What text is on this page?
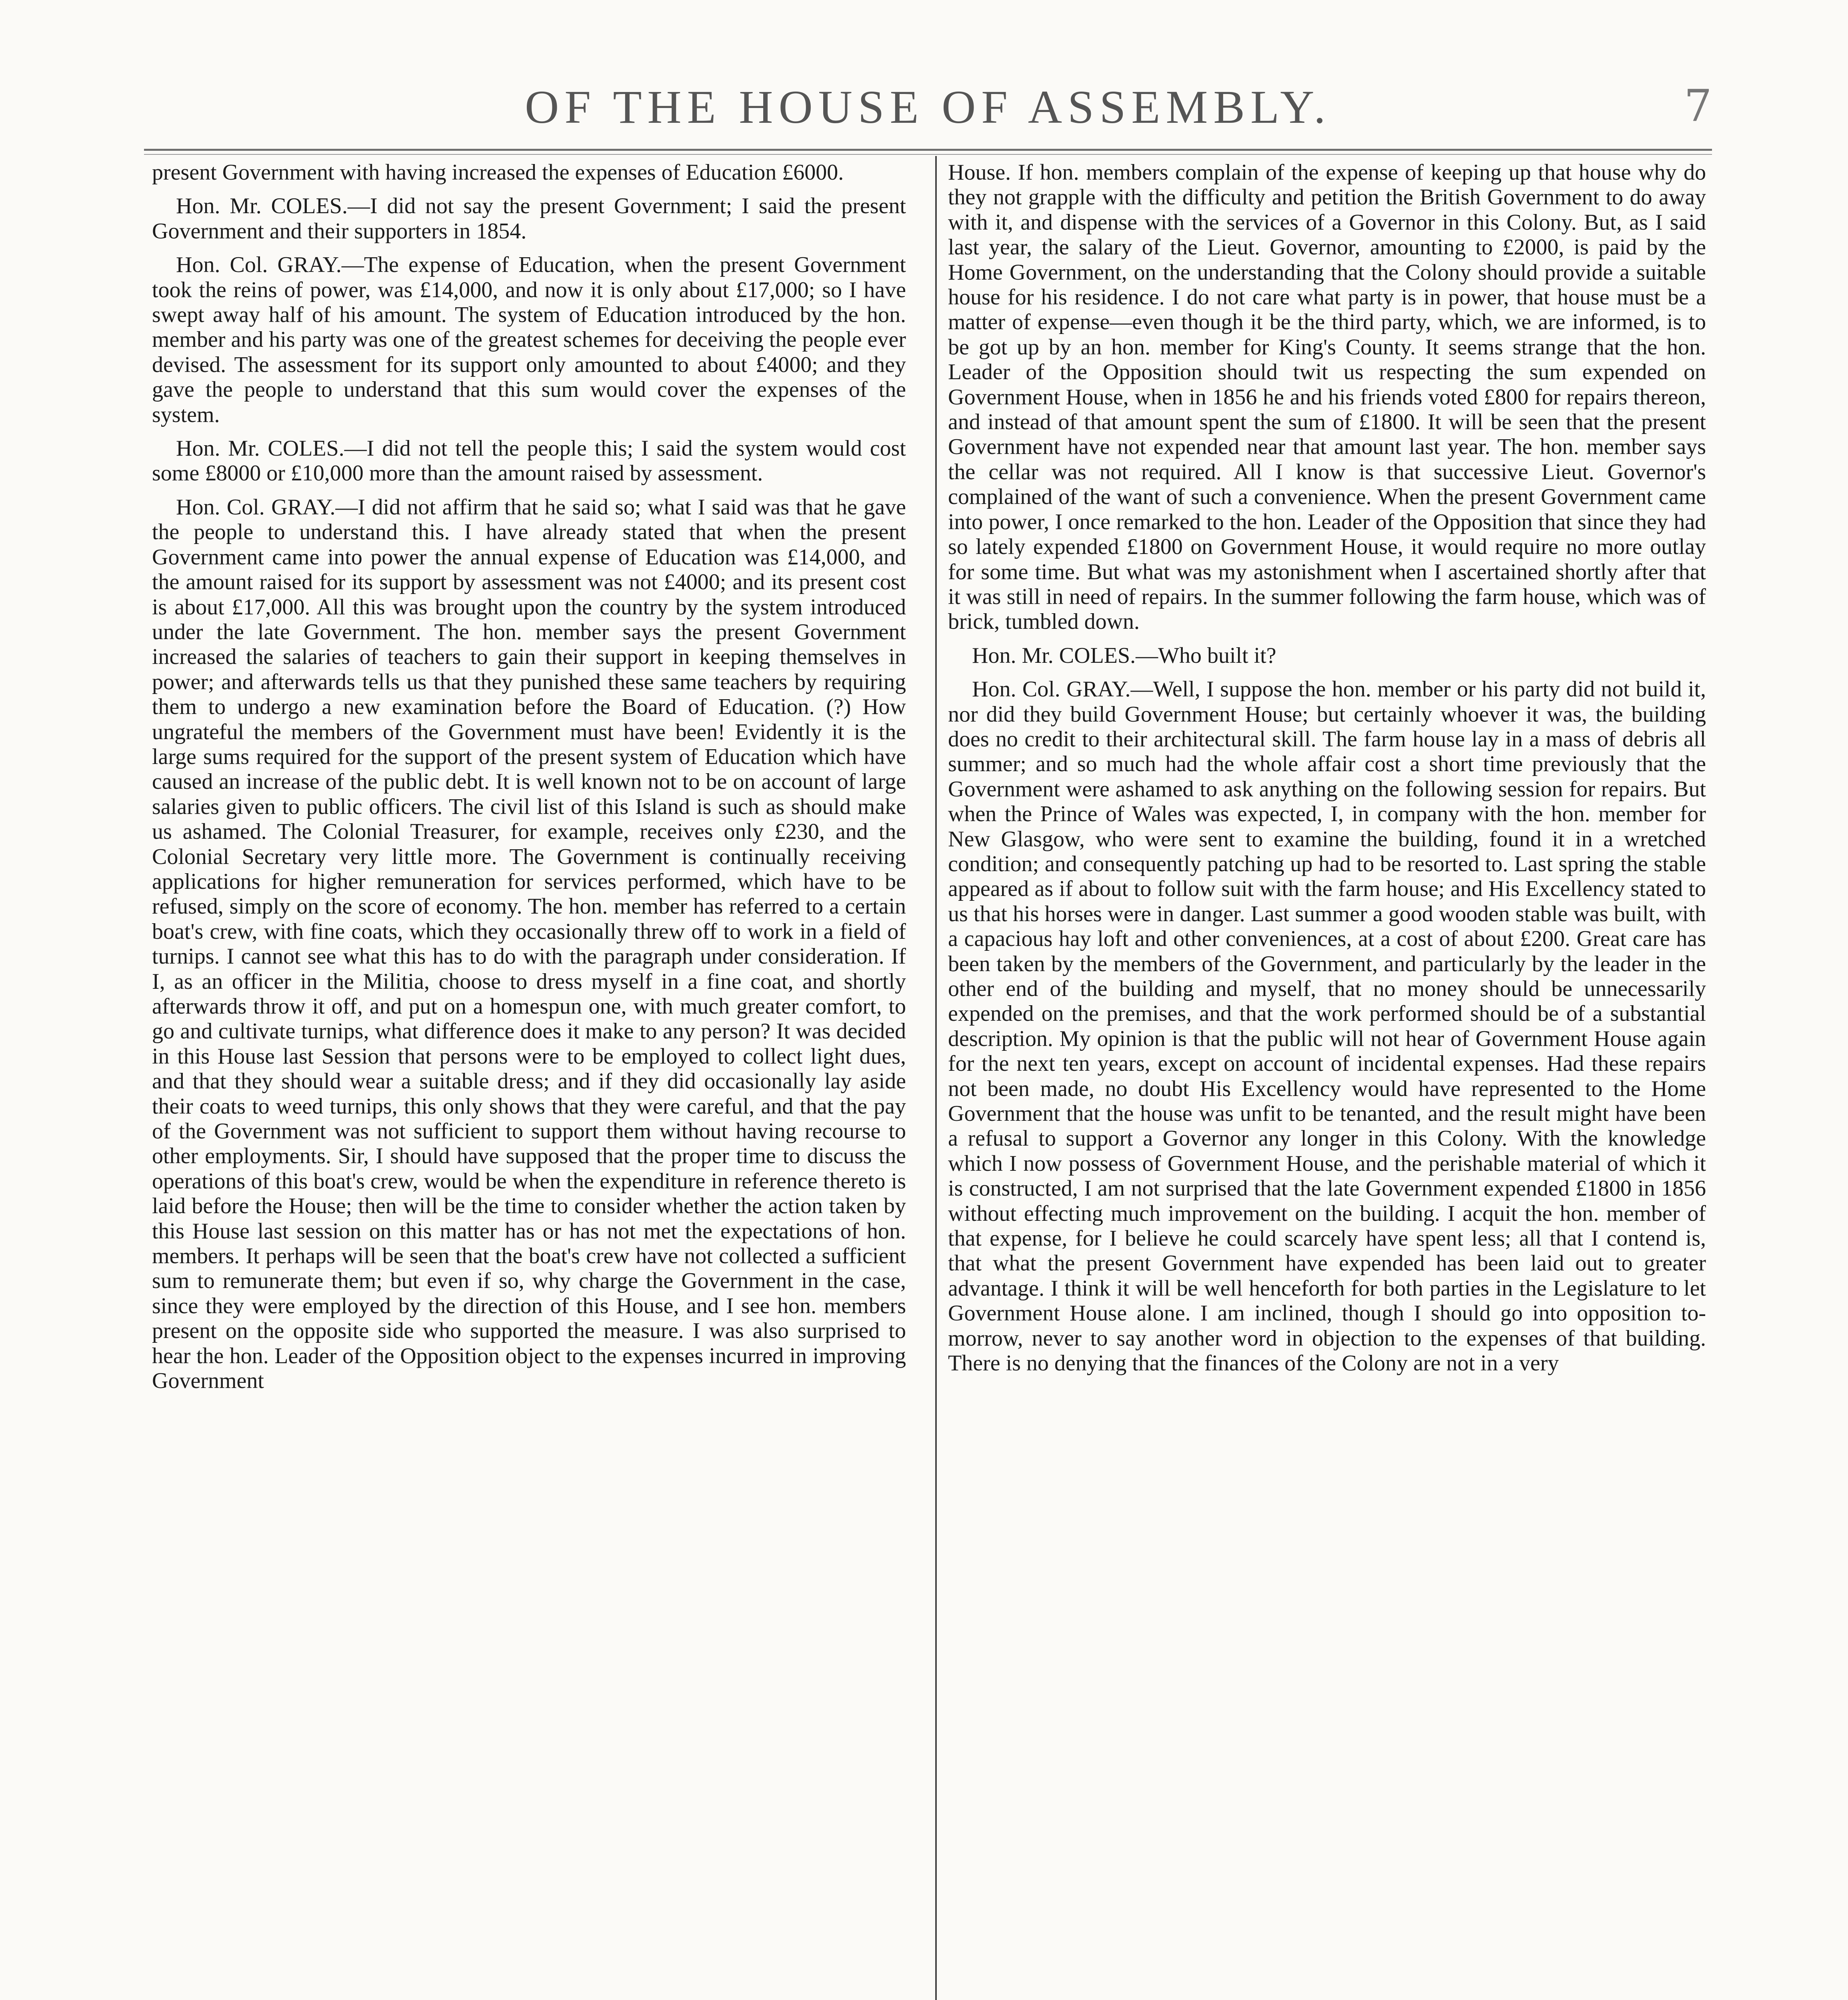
OF THE HOUSE OF ASSEMBLY.	7

present Government with having increased the expenses of Education £6000.

Hon. Mr. COLES.—I did not say the present Government; I said the present Government and their supporters in 1854.

Hon. Col. GRAY.—The expense of Education, when the present Government took the reins of power, was £14,000, and now it is only about £17,000; so I have swept away half of his amount. The system of Education introduced by the hon. member and his party was one of the greatest schemes for deceiving the people ever devised. The assessment for its support only amounted to about £4000; and they gave the people to understand that this sum would cover the expenses of the system.

Hon. Mr. COLES.—I did not tell the people this; I said the system would cost some £8000 or £10,000 more than the amount raised by assessment.

Hon. Col. GRAY.—I did not affirm that he said so; what I said was that he gave the people to understand this. I have already stated that when the present Government came into power the annual expense of Education was £14,000, and the amount raised for its support by assessment was not £4000; and its present cost is about £17,000. All this was brought upon the country by the system introduced under the late Government. The hon. member says the present Government increased the salaries of teachers to gain their support in keeping themselves in power; and afterwards tells us that they punished these same teachers by requiring them to undergo a new examination before the Board of Education. (?) How ungrateful the members of the Government must have been! Evidently it is the large sums required for the support of the present system of Education which have caused an increase of the public debt. It is well known not to be on account of large salaries given to public officers. The civil list of this Island is such as should make us ashamed. The Colonial Treasurer, for example, receives only £230, and the Colonial Secretary very little more. The Government is continually receiving applications for higher remuneration for services performed, which have to be refused, simply on the score of economy. The hon. member has referred to a certain boat's crew, with fine coats, which they occasionally threw off to work in a field of turnips. I cannot see what this has to do with the paragraph under consideration. If I, as an officer in the Militia, choose to dress myself in a fine coat, and shortly afterwards throw it off, and put on a homespun one, with much greater comfort, to go and cultivate turnips, what difference does it make to any person? It was decided in this House last Session that persons were to be employed to collect light dues, and that they should wear a suitable dress; and if they did occasionally lay aside their coats to weed turnips, this only shows that they were careful, and that the pay of the Government was not sufficient to support them without having recourse to other employments. Sir, I should have supposed that the proper time to discuss the operations of this boat's crew, would be when the expenditure in reference thereto is laid before the House; then will be the time to consider whether the action taken by this House last session on this matter has or has not met the expectations of hon. members. It perhaps will be seen that the boat's crew have not collected a sufficient sum to remunerate them; but even if so, why charge the Government in the case, since they were employed by the direction of this House, and I see hon. members present on the opposite side who supported the measure. I was also surprised to hear the hon. Leader of the Opposition object to the expenses incurred in improving Government

House. If hon. members complain of the expense of keeping up that house why do they not grapple with the difficulty and petition the British Government to do away with it, and dispense with the services of a Governor in this Colony. But, as I said last year, the salary of the Lieut. Governor, amounting to £2000, is paid by the Home Government, on the understanding that the Colony should provide a suitable house for his residence. I do not care what party is in power, that house must be a matter of expense—even though it be the third party, which, we are informed, is to be got up by an hon. member for King's County. It seems strange that the hon. Leader of the Opposition should twit us respecting the sum expended on Government House, when in 1856 he and his friends voted £800 for repairs thereon, and instead of that amount spent the sum of £1800. It will be seen that the present Government have not expended near that amount last year. The hon. member says the cellar was not required. All I know is that successive Lieut. Governor's complained of the want of such a convenience. When the present Government came into power, I once remarked to the hon. Leader of the Opposition that since they had so lately expended £1800 on Government House, it would require no more outlay for some time. But what was my astonishment when I ascertained shortly after that it was still in need of repairs. In the summer following the farm house, which was of brick, tumbled down.

Hon. Mr. COLES.—Who built it?

Hon. Col. GRAY.—Well, I suppose the hon. member or his party did not build it, nor did they build Government House; but certainly whoever it was, the building does no credit to their architectural skill. The farm house lay in a mass of debris all summer; and so much had the whole affair cost a short time previously that the Government were ashamed to ask anything on the following session for repairs. But when the Prince of Wales was expected, I, in company with the hon. member for New Glasgow, who were sent to examine the building, found it in a wretched condition; and consequently patching up had to be resorted to. Last spring the stable appeared as if about to follow suit with the farm house; and His Excellency stated to us that his horses were in danger. Last summer a good wooden stable was built, with a capacious hay loft and other conveniences, at a cost of about £200. Great care has been taken by the members of the Government, and particularly by the leader in the other end of the building and myself, that no money should be unnecessarily expended on the premises, and that the work performed should be of a substantial description. My opinion is that the public will not hear of Government House again for the next ten years, except on account of incidental expenses. Had these repairs not been made, no doubt His Excellency would have represented to the Home Government that the house was unfit to be tenanted, and the result might have been a refusal to support a Governor any longer in this Colony. With the knowledge which I now possess of Government House, and the perishable material of which it is constructed, I am not surprised that the late Government expended £1800 in 1856 without effecting much improvement on the building. I acquit the hon. member of that expense, for I believe he could scarcely have spent less; all that I contend is, that what the present Government have expended has been laid out to greater advantage. I think it will be well henceforth for both parties in the Legislature to let Government House alone. I am inclined, though I should go into opposition to-morrow, never to say another word in objection to the expenses of that building. There is no denying that the finances of the Colony are not in a very
